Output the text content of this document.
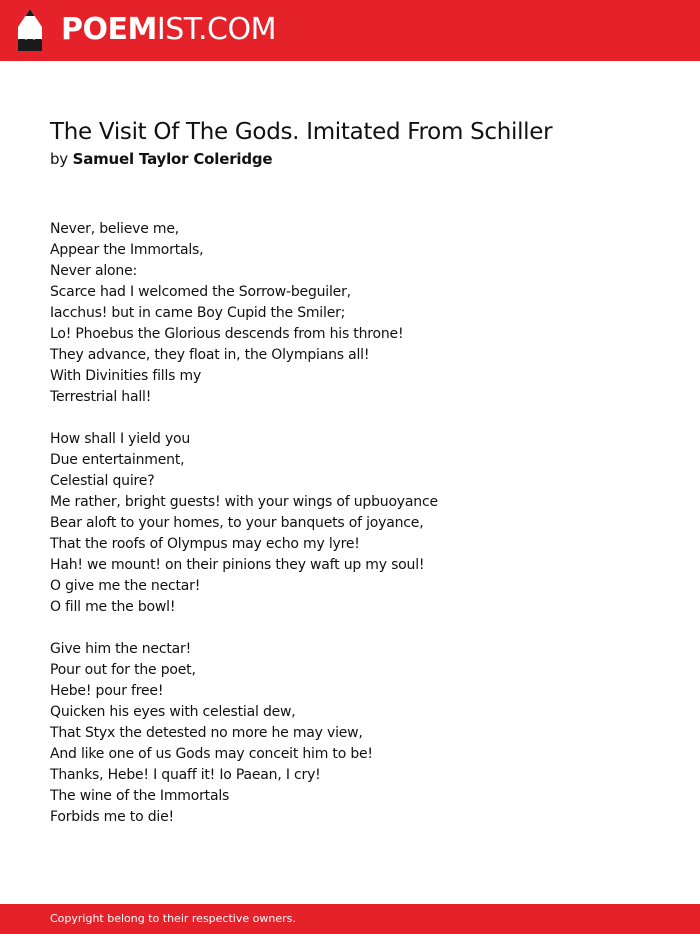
POEMIST.COM
The Visit Of The Gods. Imitated From Schiller
by Samuel Taylor Coleridge
Never, believe me,
Appear the Immortals,
Never alone:
Scarce had I welcomed the Sorrow-beguiler,
Iacchus! but in came Boy Cupid the Smiler;
Lo! Phoebus the Glorious descends from his throne!
They advance, they float in, the Olympians all!
With Divinities fills my
Terrestrial hall!
How shall I yield you
Due entertainment,
Celestial quire?
Me rather, bright guests! with your wings of upbuoyance
Bear aloft to your homes, to your banquets of joyance,
That the roofs of Olympus may echo my lyre!
Hah! we mount! on their pinions they waft up my soul!
O give me the nectar!
O fill me the bowl!
Give him the nectar!
Pour out for the poet,
Hebe! pour free!
Quicken his eyes with celestial dew,
That Styx the detested no more he may view,
And like one of us Gods may conceit him to be!
Thanks, Hebe! I quaff it! Io Paean, I cry!
The wine of the Immortals
Forbids me to die!
Copyright belong to their respective owners.
